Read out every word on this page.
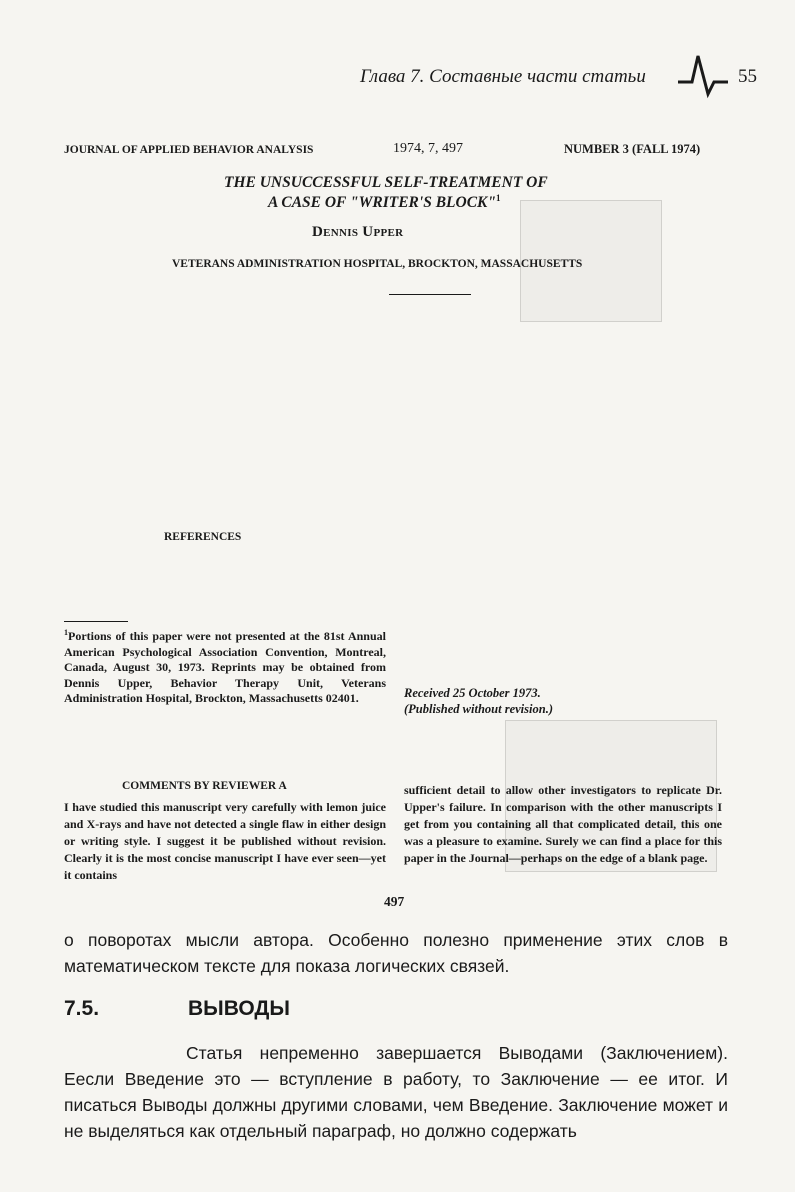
Глава 7. Составные части статьи	55
JOURNAL OF APPLIED BEHAVIOR ANALYSIS	1974, 7, 497	NUMBER 3 (FALL 1974)
THE UNSUCCESSFUL SELF-TREATMENT OF
A CASE OF "WRITER'S BLOCK"$^1$
Dennis Upper
VETERANS ADMINISTRATION HOSPITAL, BROCKTON, MASSACHUSETTS
REFERENCES
$^1$Portions of this paper were not presented at the 81st Annual American Psychological Association Convention, Montreal, Canada, August 30, 1973. Reprints may be obtained from Dennis Upper, Behavior Therapy Unit, Veterans Administration Hospital, Brockton, Massachusetts 02401.	Received 25 October 1973.
(Published without revision.)
COMMENTS BY REVIEWER A
I have studied this manuscript very carefully with lemon juice and X-rays and have not detected a single flaw in either design or writing style. I suggest it be published without revision. Clearly it is the most concise manuscript I have ever seen—yet it contains
sufficient detail to allow other investigators to replicate Dr. Upper's failure. In comparison with the other manuscripts I get from you containing all that complicated detail, this one was a pleasure to examine. Surely we can find a place for this paper in the Journal—perhaps on the edge of a blank page.
497
о поворотах мысли автора. Особенно полезно применение этих слов в математическом тексте для показа логических связей.
7.5.	ВЫВОДЫ
Статья непременно завершается Выводами (Заключением). Еесли Введение это — вступление в работу, то Заключение — ее итог. И писаться Выводы должны другими словами, чем Введение. Заключение может и не выделяться как отдельный параграф, но должно содержать
